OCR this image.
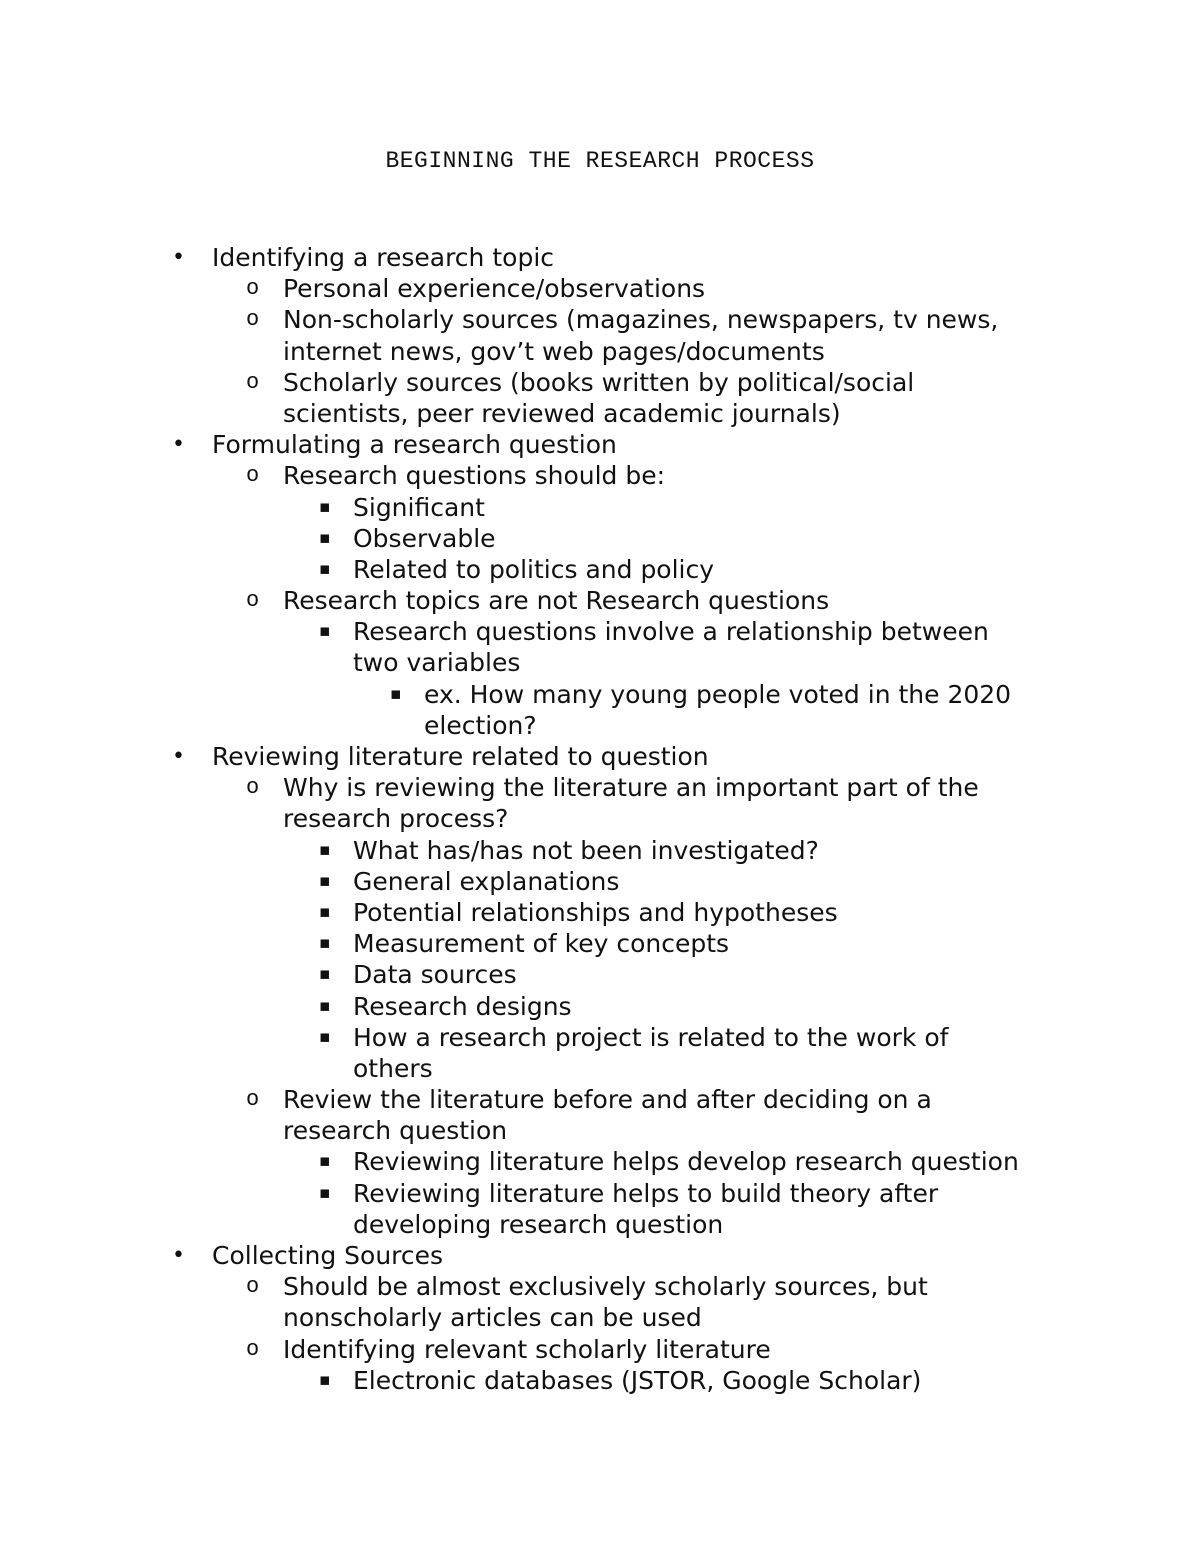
BEGINNING THE RESEARCH PROCESS
• Identifying a research topic
o Personal experience/observations
o Non-scholarly sources (magazines, newspapers, tv news,
internet news, gov’t web pages/documents
o Scholarly sources (books written by political/social
scientists, peer reviewed academic journals)
• Formulating a research question
o Research questions should be:
▪ Significant
▪ Observable
▪ Related to politics and policy
o Research topics are not Research questions
▪ Research questions involve a relationship between
two variables
▪ ex. How many young people voted in the 2020
election?
• Reviewing literature related to question
o Why is reviewing the literature an important part of the
research process?
▪ What has/has not been investigated?
▪ General explanations
▪ Potential relationships and hypotheses
▪ Measurement of key concepts
▪ Data sources
▪ Research designs
▪ How a research project is related to the work of
others
o Review the literature before and after deciding on a
research question
▪ Reviewing literature helps develop research question
▪ Reviewing literature helps to build theory after
developing research question
• Collecting Sources
o Should be almost exclusively scholarly sources, but
nonscholarly articles can be used
o Identifying relevant scholarly literature
▪ Electronic databases (JSTOR, Google Scholar)
